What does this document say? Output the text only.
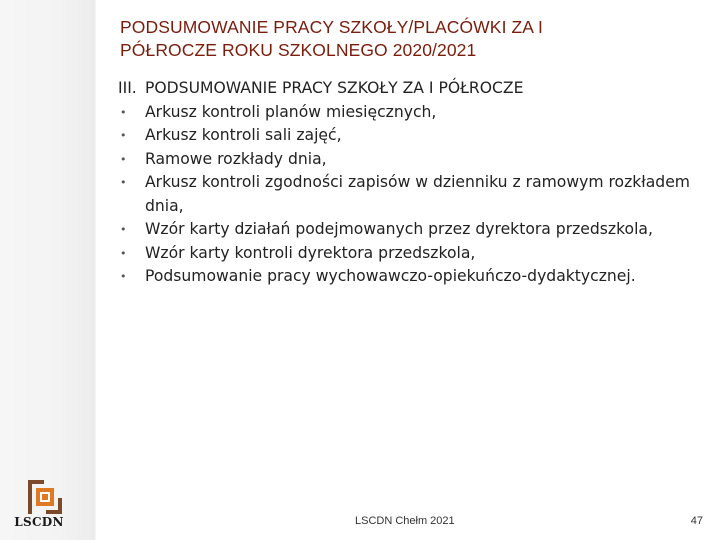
PODSUMOWANIE PRACY SZKOŁY/PLACÓWKI ZA I
PÓŁROCZE ROKU SZKOLNEGO 2020/2021
III. PODSUMOWANIE PRACY SZKOŁY ZA I PÓŁROCZE
•	Arkusz kontroli planów miesięcznych,
•	Arkusz kontroli sali zajęć,
•	Ramowe rozkłady dnia,
•	Arkusz kontroli zgodności zapisów w dzienniku z ramowym rozkładem dnia,
•	Wzór karty działań podejmowanych przez dyrektora przedszkola,
•	Wzór karty kontroli dyrektora przedszkola,
•	Podsumowanie pracy wychowawczo-opiekuńczo-dydaktycznej.
LSCDN	LSCDN Chełm 2021	47
